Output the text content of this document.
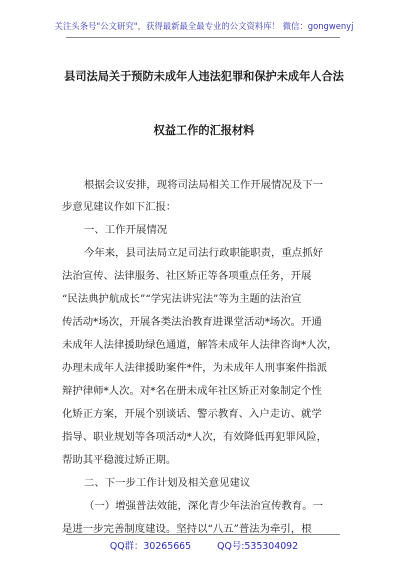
关注头条号"公文研究"，获得最新最全最专业的公文资料库！ 微信：gongwenyj
县司法局关于预防未成年人违法犯罪和保护未成年人合法
权益工作的汇报材料
根据会议安排，现将司法局相关工作开展情况及下一
步意见建议作如下汇报：
一、工作开展情况
今年来，县司法局立足司法行政职能职责，重点抓好
法治宣传、法律服务、社区矫正等各项重点任务，开展
“民法典护航成长”“学宪法讲宪法”等为主题的法治宣
传活动*场次，开展各类法治教育进课堂活动*场次。开通
未成年人法律援助绿色通道，解答未成年人法律咨询*人次，
办理未成年人法律援助案件*件，为未成年人刑事案件指派
辩护律师*人次。对*名在册未成年社区矫正对象制定个性
化矫正方案，开展个别谈话、警示教育、入户走访、就学
指导、职业规划等各项活动*人次，有效降低再犯罪风险，
帮助其平稳渡过矫正期。
二、下一步工作计划及相关意见建议
（一）增强普法效能，深化青少年法治宣传教育。一
是进一步完善制度建设。坚持以“八五”普法为牵引，根
QQ群：30265665	QQ号:535304092
